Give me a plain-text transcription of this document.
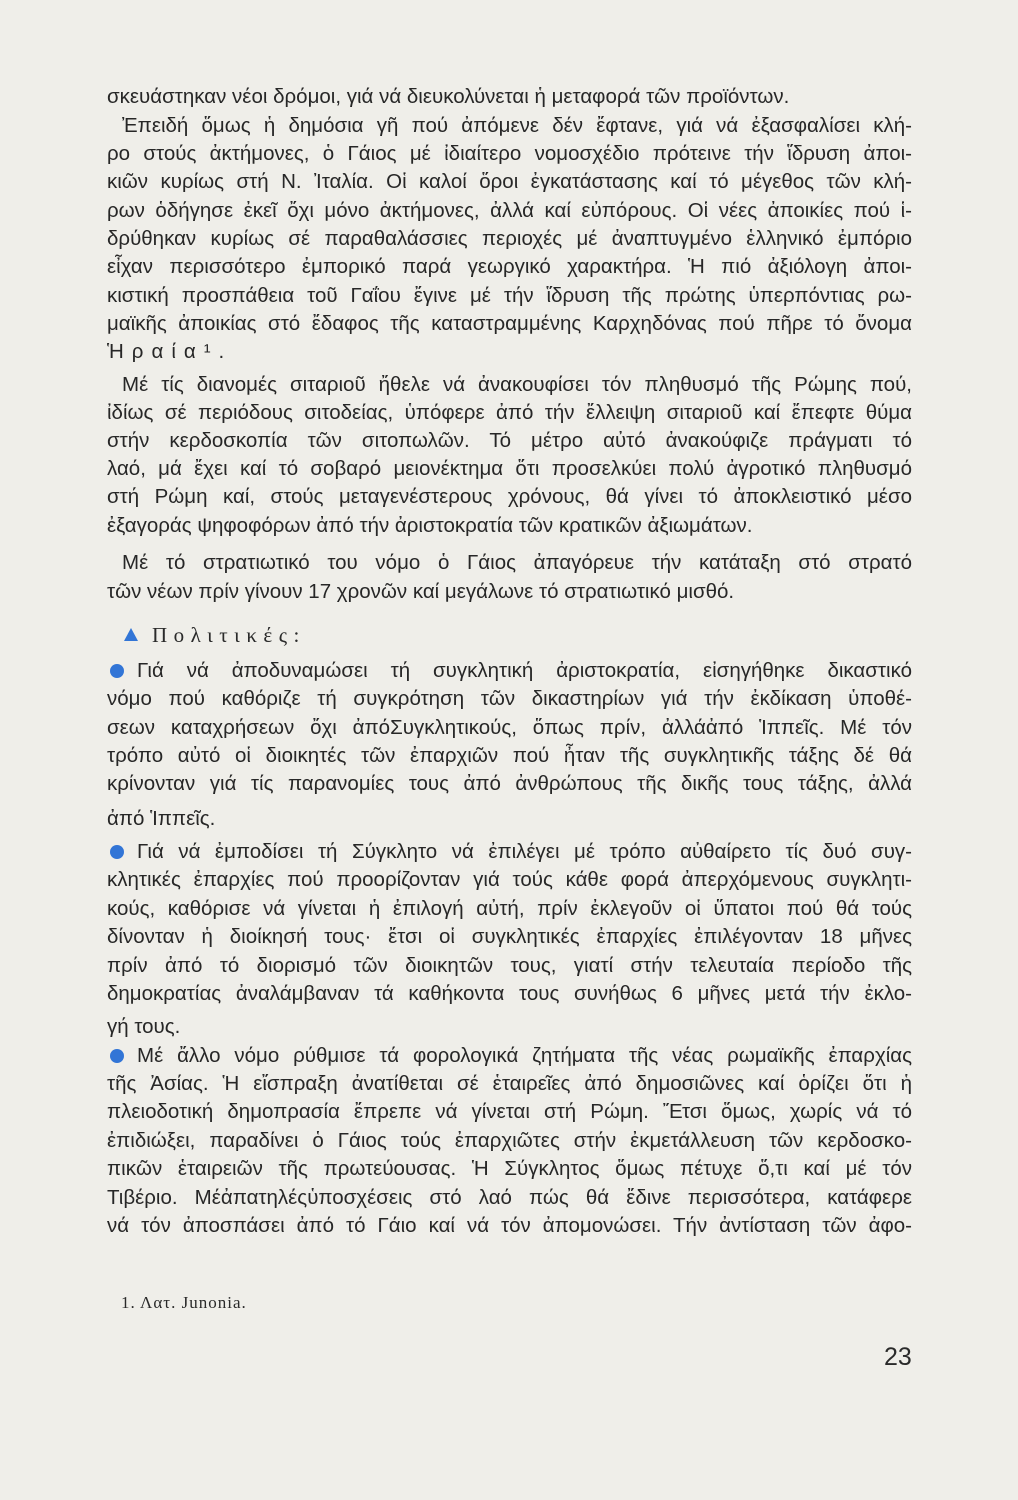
σκευάστηκαν νέοι δρόμοι, γιά νά διευκολύνεται ἡ μεταφορά τῶν προϊόντων.
Ἐπειδή ὅμως ἡ δημόσια γῆ πού ἀπόμενε δέν ἔφτανε, γιά νά ἐξασφαλίσει κλή-
ρο στούς ἀκτήμονες, ὁ Γάιος μέ ἰδιαίτερο νομοσχέδιο πρότεινε τήν ἵδρυση ἀποι-
κιῶν κυρίως στή Ν. Ἰταλία. Οἱ καλοί ὅροι ἐγκατάστασης καί τό μέγεθος τῶν κλή-
ρων ὁδήγησε ἐκεῖ ὄχι μόνο ἀκτήμονες, ἀλλά καί εὐπόρους. Οἱ νέες ἀποικίες πού ἱ-
δρύθηκαν κυρίως σέ παραθαλάσσιες περιοχές μέ ἀναπτυγμένο ἑλληνικό ἐμπόριο
εἶχαν περισσότερο ἐμπορικό παρά γεωργικό χαρακτήρα. Ἡ πιό ἀξιόλογη ἀποι-
κιστική προσπάθεια τοῦ Γαΐου ἔγινε μέ τήν ἵδρυση τῆς πρώτης ὑπερπόντιας ρω-
μαϊκῆς ἀποικίας στό ἔδαφος τῆς καταστραμμένης Καρχηδόνας πού πῆρε τό ὄνομα
Ἡραία¹.
Μέ τίς διανομές σιταριοῦ ἤθελε νά ἀνακουφίσει τόν πληθυσμό τῆς Ρώμης πού,
ἰδίως σέ περιόδους σιτοδείας, ὑπόφερε ἀπό τήν ἔλλειψη σιταριοῦ καί ἔπεφτε θύμα
στήν κερδοσκοπία τῶν σιτοπωλῶν. Τό μέτρο αὐτό ἀνακούφιζε πράγματι τό
λαό, μά ἔχει καί τό σοβαρό μειονέκτημα ὅτι προσελκύει πολύ ἀγροτικό πληθυσμό
στή Ρώμη καί, στούς μεταγενέστερους χρόνους, θά γίνει τό ἀποκλειστικό μέσο
ἐξαγοράς ψηφοφόρων ἀπό τήν ἀριστοκρατία τῶν κρατικῶν ἀξιωμάτων.
Μέ τό στρατιωτικό του νόμο ὁ Γάιος ἀπαγόρευε τήν κατάταξη στό στρατό
τῶν νέων πρίν γίνουν 17 χρονῶν καί μεγάλωνε τό στρατιωτικό μισθό.
Πολιτικές:
Γιά νά ἀποδυναμώσει τή συγκλητική ἀριστοκρατία, εἰσηγήθηκε δικαστικό
νόμο πού καθόριζε τή συγκρότηση τῶν δικαστηρίων γιά τήν ἐκδίκαση ὑποθέ-
σεων καταχρήσεων ὄχι ἀπόΣυγκλητικούς, ὅπως πρίν, ἀλλάἀπό Ἱππεῖς. Μέ τόν
τρόπο αὐτό οἱ διοικητές τῶν ἐπαρχιῶν πού ἦταν τῆς συγκλητικῆς τάξης δέ θά
κρίνονταν γιά τίς παρανομίες τους ἀπό ἀνθρώπους τῆς δικῆς τους τάξης, ἀλλά
ἀπό Ἱππεῖς.
Γιά νά ἐμποδίσει τή Σύγκλητο νά ἐπιλέγει μέ τρόπο αὐθαίρετο τίς δυό συγ-
κλητικές ἐπαρχίες πού προορίζονταν γιά τούς κάθε φορά ἀπερχόμενους συγκλητι-
κούς, καθόρισε νά γίνεται ἡ ἐπιλογή αὐτή, πρίν ἐκλεγοῦν οἱ ὕπατοι πού θά τούς
δίνονταν ἡ διοίκησή τους· ἔτσι οἱ συγκλητικές ἐπαρχίες ἐπιλέγονταν 18 μῆνες
πρίν ἀπό τό διορισμό τῶν διοικητῶν τους, γιατί στήν τελευταία περίοδο τῆς
δημοκρατίας ἀναλάμβαναν τά καθήκοντα τους συνήθως 6 μῆνες μετά τήν ἐκλο-
γή τους.
Μέ ἄλλο νόμο ρύθμισε τά φορολογικά ζητήματα τῆς νέας ρωμαϊκῆς ἐπαρχίας
τῆς Ἀσίας. Ἡ εἴσπραξη ἀνατίθεται σέ ἑταιρεῖες ἀπό δημοσιῶνες καί ὁρίζει ὅτι ἡ
πλειοδοτική δημοπρασία ἔπρεπε νά γίνεται στή Ρώμη. Ἔτσι ὅμως, χωρίς νά τό
ἐπιδιώξει, παραδίνει ὁ Γάιος τούς ἐπαρχιῶτες στήν ἐκμετάλλευση τῶν κερδοσκο-
πικῶν ἑταιρειῶν τῆς πρωτεύουσας. Ἡ Σύγκλητος ὅμως πέτυχε ὅ,τι καί μέ τόν
Τιβέριο. Μέἀπατηλέςὑποσχέσεις στό λαό πώς θά ἔδινε περισσότερα, κατάφερε
νά τόν ἀποσπάσει ἀπό τό Γάιο καί νά τόν ἀπομονώσει. Τήν ἀντίσταση τῶν ἀφο-
1. Λατ. Junonia.
23
